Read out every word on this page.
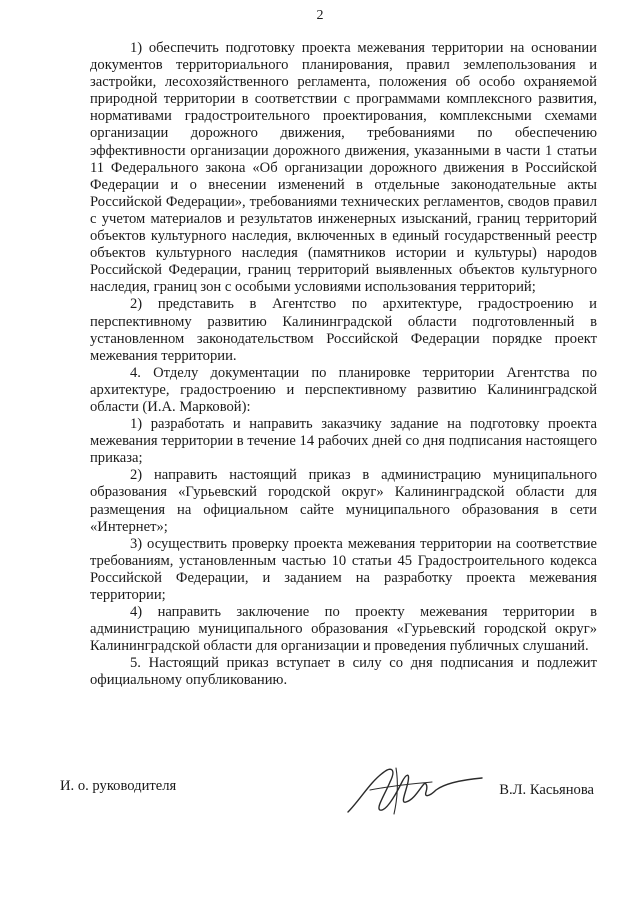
2

1) обеспечить подготовку проекта межевания территории на основании документов территориального планирования, правил землепользования и застройки, лесохозяйственного регламента, положения об особо охраняемой природной территории в соответствии с программами комплексного развития, нормативами градостроительного проектирования, комплексными схемами организации дорожного движения, требованиями по обеспечению эффективности организации дорожного движения, указанными в части 1 статьи 11 Федерального закона «Об организации дорожного движения в Российской Федерации и о внесении изменений в отдельные законодательные акты Российской Федерации», требованиями технических регламентов, сводов правил с учетом материалов и результатов инженерных изысканий, границ территорий объектов культурного наследия, включенных в единый государственный реестр объектов культурного наследия (памятников истории и культуры) народов Российской Федерации, границ территорий выявленных объектов культурного наследия, границ зон с особыми условиями использования территорий;

2) представить в Агентство по архитектуре, градостроению и перспективному развитию Калининградской области подготовленный в установленном законодательством Российской Федерации порядке проект межевания территории.

4. Отделу документации по планировке территории Агентства по архитектуре, градостроению и перспективному развитию Калининградской области (И.А. Марковой):

1) разработать и направить заказчику задание на подготовку проекта межевания территории в течение 14 рабочих дней со дня подписания настоящего приказа;

2) направить настоящий приказ в администрацию муниципального образования «Гурьевский городской округ» Калининградской области для размещения на официальном сайте муниципального образования в сети «Интернет»;

3) осуществить проверку проекта межевания территории на соответствие требованиям, установленным частью 10 статьи 45 Градостроительного кодекса Российской Федерации, и заданием на разработку проекта межевания территории;

4) направить заключение по проекту межевания территории в администрацию муниципального образования «Гурьевский городской округ» Калининградской области для организации и проведения публичных слушаний.

5. Настоящий приказ вступает в силу со дня подписания и подлежит официальному опубликованию.

И. о. руководителя	В.Л. Касьянова
